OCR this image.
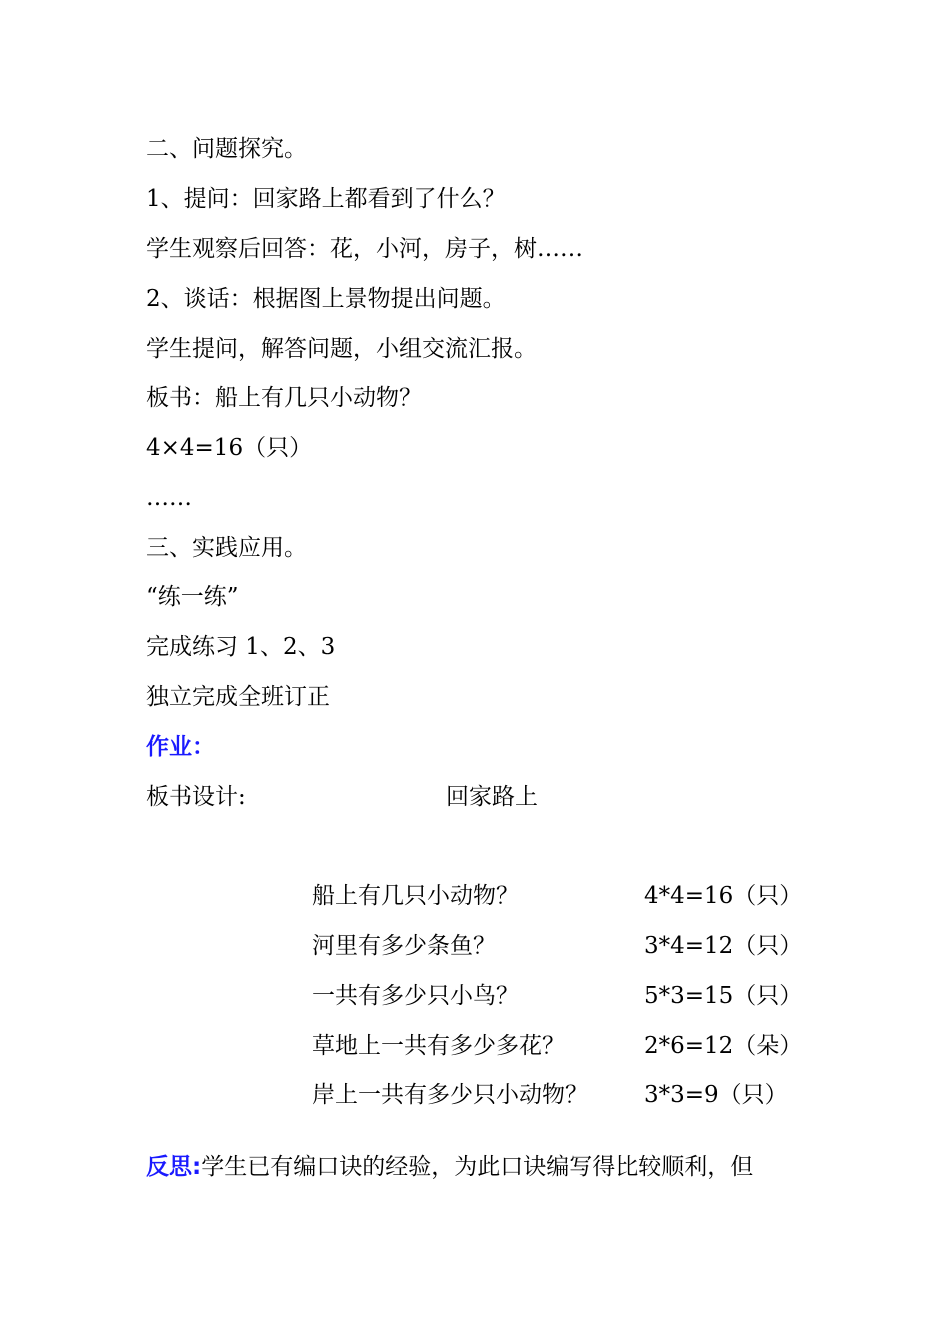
二、问题探究。

1、提问：回家路上都看到了什么？

学生观察后回答：花，小河，房子，树……

2、谈话：根据图上景物提出问题。

学生提问，解答问题，小组交流汇报。

板书：船上有几只小动物？

4×4=16（只）

……

三、实践应用。

“练一练”

完成练习 1、2、3

独立完成全班订正

作业：

板书设计:	回家路上
船上有几只小动物？	4*4=16（只）
河里有多少条鱼？	3*4=12（只）
一共有多少只小鸟？	5*3=15（只）
草地上一共有多少多花？	2*6=12（朵）
岸上一共有多少只小动物？ 3*3=9（只）

反思:学生已有编口诀的经验，为此口诀编写得比较顺利，但
